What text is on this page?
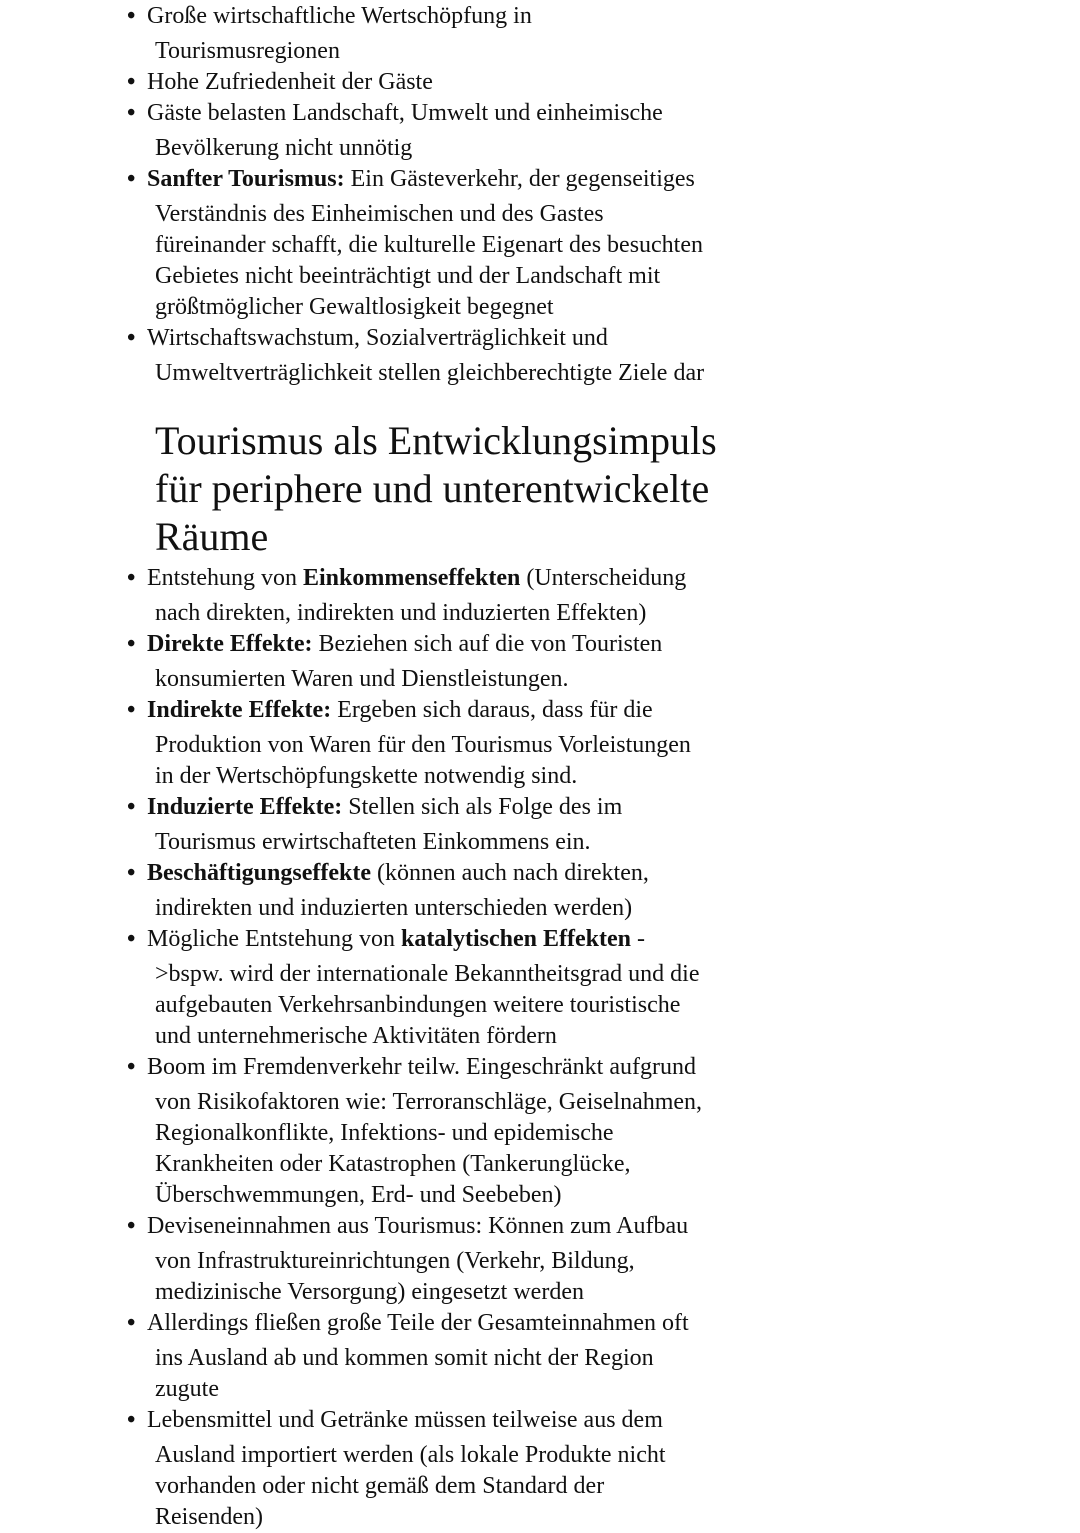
• Große wirtschaftliche Wertschöpfung in
Tourismusregionen
• Hohe Zufriedenheit der Gäste
• Gäste belasten Landschaft, Umwelt und einheimische
Bevölkerung nicht unnötig
• Sanfter Tourismus: Ein Gästeverkehr, der gegenseitiges
Verständnis des Einheimischen und des Gastes
füreinander schafft, die kulturelle Eigenart des besuchten
Gebietes nicht beeinträchtigt und der Landschaft mit
größtmöglicher Gewaltlosigkeit begegnet
• Wirtschaftswachstum, Sozialverträglichkeit und
Umweltverträglichkeit stellen gleichberechtigte Ziele dar
Tourismus als Entwicklungsimpuls
für periphere und unterentwickelte
Räume
• Entstehung von Einkommenseffekten (Unterscheidung
nach direkten, indirekten und induzierten Effekten)
• Direkte Effekte: Beziehen sich auf die von Touristen
konsumierten Waren und Dienstleistungen.
• Indirekte Effekte: Ergeben sich daraus, dass für die
Produktion von Waren für den Tourismus Vorleistungen
in der Wertschöpfungskette notwendig sind.
• Induzierte Effekte: Stellen sich als Folge des im
Tourismus erwirtschafteten Einkommens ein.
• Beschäftigungseffekte (können auch nach direkten,
indirekten und induzierten unterschieden werden)
• Mögliche Entstehung von katalytischen Effekten -
>bspw. wird der internationale Bekanntheitsgrad und die
aufgebauten Verkehrsanbindungen weitere touristische
und unternehmerische Aktivitäten fördern
• Boom im Fremdenverkehr teilw. Eingeschränkt aufgrund
von Risikofaktoren wie: Terroranschläge, Geiselnahmen,
Regionalkonflikte, Infektions- und epidemische
Krankheiten oder Katastrophen (Tankerunglücke,
Überschwemmungen, Erd- und Seebeben)
• Deviseneinnahmen aus Tourismus: Können zum Aufbau
von Infrastruktureinrichtungen (Verkehr, Bildung,
medizinische Versorgung) eingesetzt werden
• Allerdings fließen große Teile der Gesamteinnahmen oft
ins Ausland ab und kommen somit nicht der Region
zugute
• Lebensmittel und Getränke müssen teilweise aus dem
Ausland importiert werden (als lokale Produkte nicht
vorhanden oder nicht gemäß dem Standard der
Reisenden)
